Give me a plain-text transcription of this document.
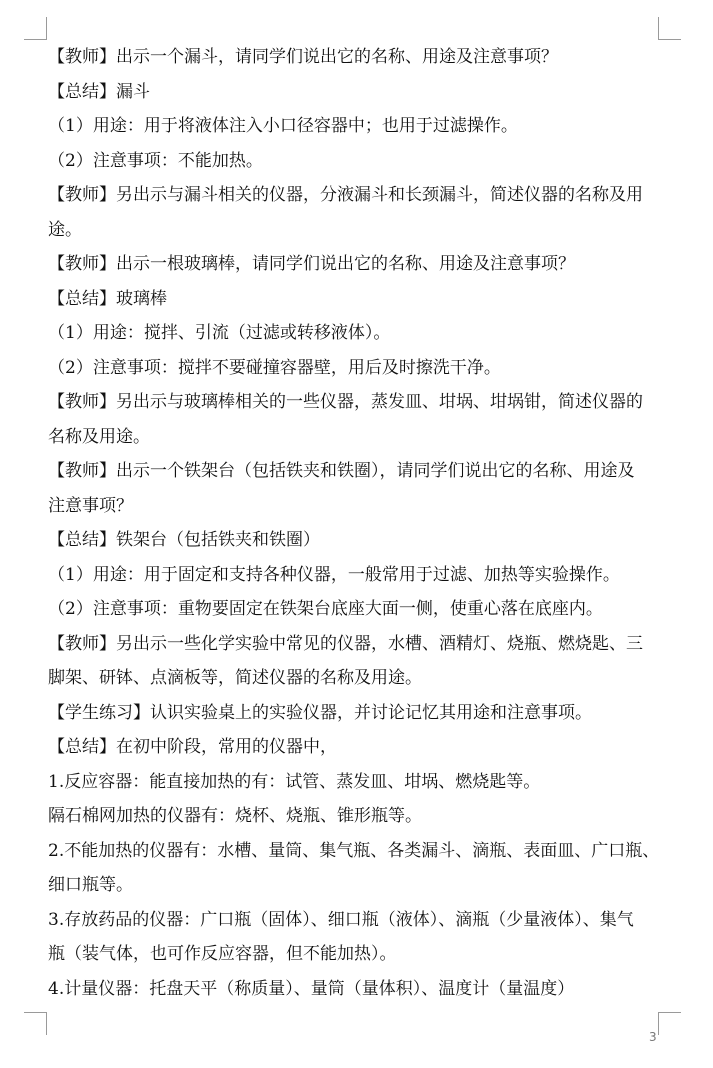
【教师】出示一个漏斗，请同学们说出它的名称、用途及注意事项？
【总结】漏斗
（1）用途：用于将液体注入小口径容器中；也用于过滤操作。
（2）注意事项：不能加热。
【教师】另出示与漏斗相关的仪器，分液漏斗和长颈漏斗，简述仪器的名称及用
途。
【教师】出示一根玻璃棒，请同学们说出它的名称、用途及注意事项？
【总结】玻璃棒
（1）用途：搅拌、引流（过滤或转移液体）。
（2）注意事项：搅拌不要碰撞容器壁，用后及时擦洗干净。
【教师】另出示与玻璃棒相关的一些仪器，蒸发皿、坩埚、坩埚钳，简述仪器的
名称及用途。
【教师】出示一个铁架台（包括铁夹和铁圈），请同学们说出它的名称、用途及
注意事项？
【总结】铁架台（包括铁夹和铁圈）
（1）用途：用于固定和支持各种仪器，一般常用于过滤、加热等实验操作。
（2）注意事项：重物要固定在铁架台底座大面一侧，使重心落在底座内。
【教师】另出示一些化学实验中常见的仪器，水槽、酒精灯、烧瓶、燃烧匙、三
脚架、研钵、点滴板等，简述仪器的名称及用途。
【学生练习】认识实验桌上的实验仪器，并讨论记忆其用途和注意事项。
【总结】在初中阶段，常用的仪器中，
1.反应容器：能直接加热的有：试管、蒸发皿、坩埚、燃烧匙等。
隔石棉网加热的仪器有：烧杯、烧瓶、锥形瓶等。
2.不能加热的仪器有：水槽、量筒、集气瓶、各类漏斗、滴瓶、表面皿、广口瓶、
细口瓶等。
3.存放药品的仪器：广口瓶（固体）、细口瓶（液体）、滴瓶（少量液体）、集气
瓶（装气体，也可作反应容器，但不能加热）。
4.计量仪器：托盘天平（称质量）、量筒（量体积）、温度计（量温度）
3
